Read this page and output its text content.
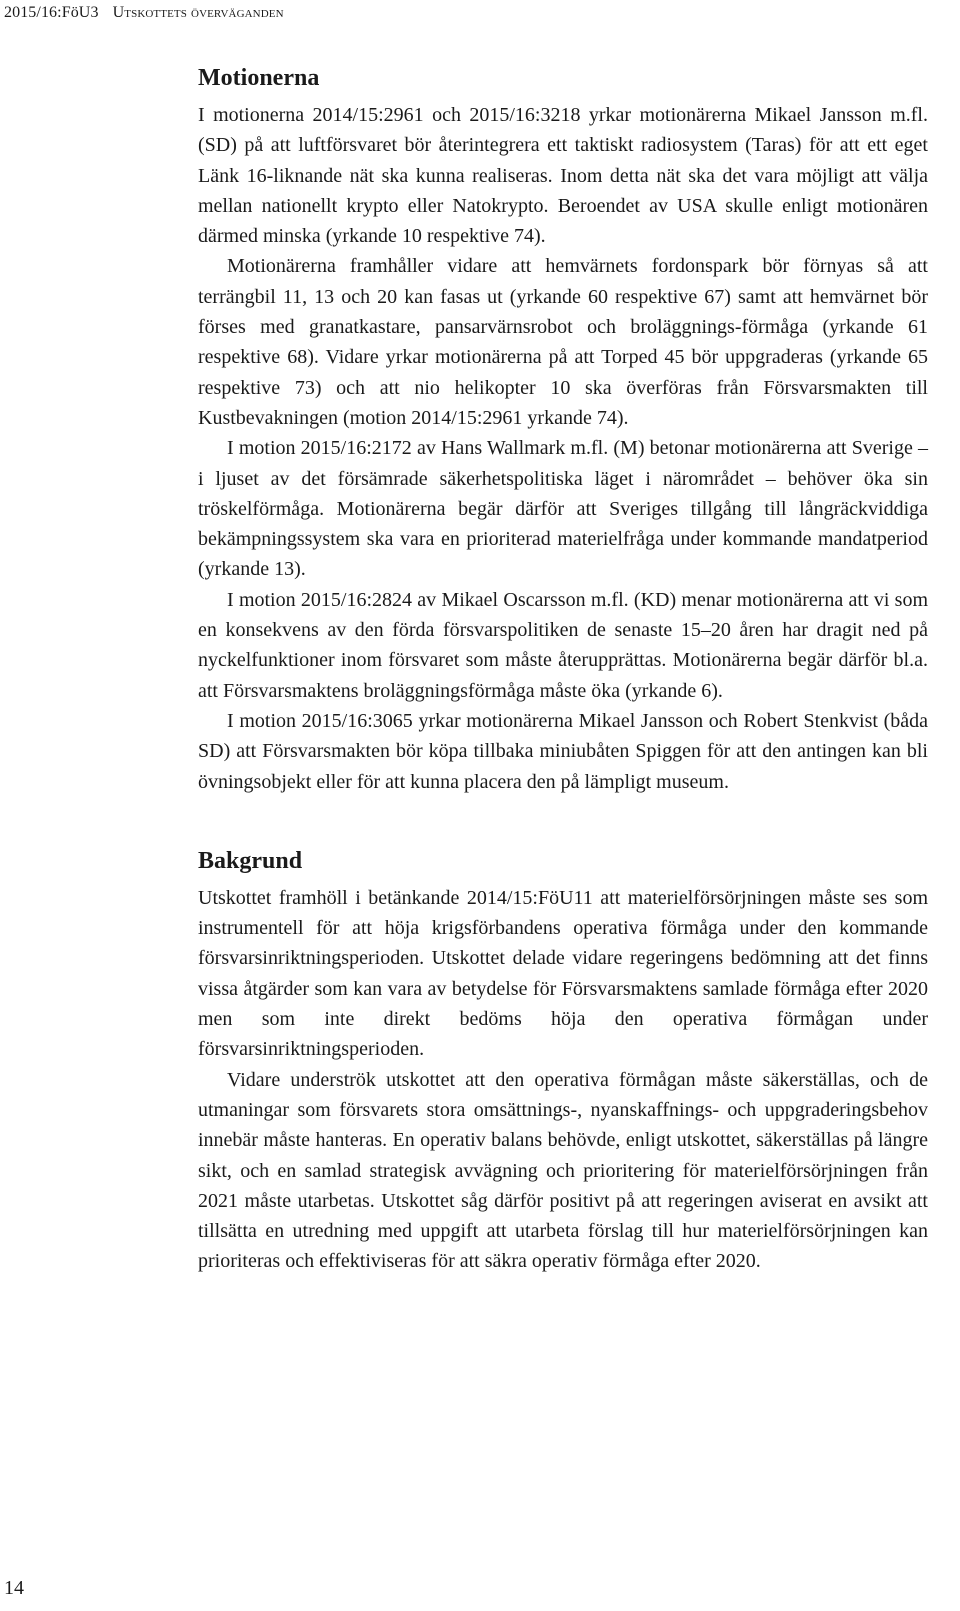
2015/16:FöU3 Utskottets överväganden
Motionerna

I motionerna 2014/15:2961 och 2015/16:3218 yrkar motionärerna Mikael Jansson m.fl. (SD) på att luftförsvaret bör återintegrera ett taktiskt radiosystem (Taras) för att ett eget Länk 16-liknande nät ska kunna realiseras. Inom detta nät ska det vara möjligt att välja mellan nationellt krypto eller Natokrypto. Beroendet av USA skulle enligt motionären därmed minska (yrkande 10 respektive 74).

Motionärerna framhåller vidare att hemvärnets fordonspark bör förnyas så att terrängbil 11, 13 och 20 kan fasas ut (yrkande 60 respektive 67) samt att hemvärnet bör förses med granatkastare, pansarvärnsrobot och broläggnings-förmåga (yrkande 61 respektive 68). Vidare yrkar motionärerna på att Torped 45 bör uppgraderas (yrkande 65 respektive 73) och att nio helikopter 10 ska överföras från Försvarsmakten till Kustbevakningen (motion 2014/15:2961 yrkande 74).

I motion 2015/16:2172 av Hans Wallmark m.fl. (M) betonar motionärerna att Sverige – i ljuset av det försämrade säkerhetspolitiska läget i närområdet – behöver öka sin tröskelförmåga. Motionärerna begär därför att Sveriges tillgång till långräckviddiga bekämpningssystem ska vara en prioriterad materielfråga under kommande mandatperiod (yrkande 13).

I motion 2015/16:2824 av Mikael Oscarsson m.fl. (KD) menar motionärerna att vi som en konsekvens av den förda försvarspolitiken de senaste 15–20 åren har dragit ned på nyckelfunktioner inom försvaret som måste återupprättas. Motionärerna begär därför bl.a. att Försvarsmaktens broläggningsförmåga måste öka (yrkande 6).

I motion 2015/16:3065 yrkar motionärerna Mikael Jansson och Robert Stenkvist (båda SD) att Försvarsmakten bör köpa tillbaka miniubåten Spiggen för att den antingen kan bli övningsobjekt eller för att kunna placera den på lämpligt museum.

Bakgrund

Utskottet framhöll i betänkande 2014/15:FöU11 att materielförsörjningen måste ses som instrumentell för att höja krigsförbandens operativa förmåga under den kommande försvarsinriktningsperioden. Utskottet delade vidare regeringens bedömning att det finns vissa åtgärder som kan vara av betydelse för Försvarsmaktens samlade förmåga efter 2020 men som inte direkt bedöms höja den operativa förmågan under försvarsinriktningsperioden.

Vidare underströk utskottet att den operativa förmågan måste säkerställas, och de utmaningar som försvarets stora omsättnings-, nyanskaffnings- och uppgraderingsbehov innebär måste hanteras. En operativ balans behövde, enligt utskottet, säkerställas på längre sikt, och en samlad strategisk avvägning och prioritering för materielförsörjningen från 2021 måste utarbetas. Utskottet såg därför positivt på att regeringen aviserat en avsikt att tillsätta en utredning med uppgift att utarbeta förslag till hur materielförsörjningen kan prioriteras och effektiviseras för att säkra operativ förmåga efter 2020.

14
